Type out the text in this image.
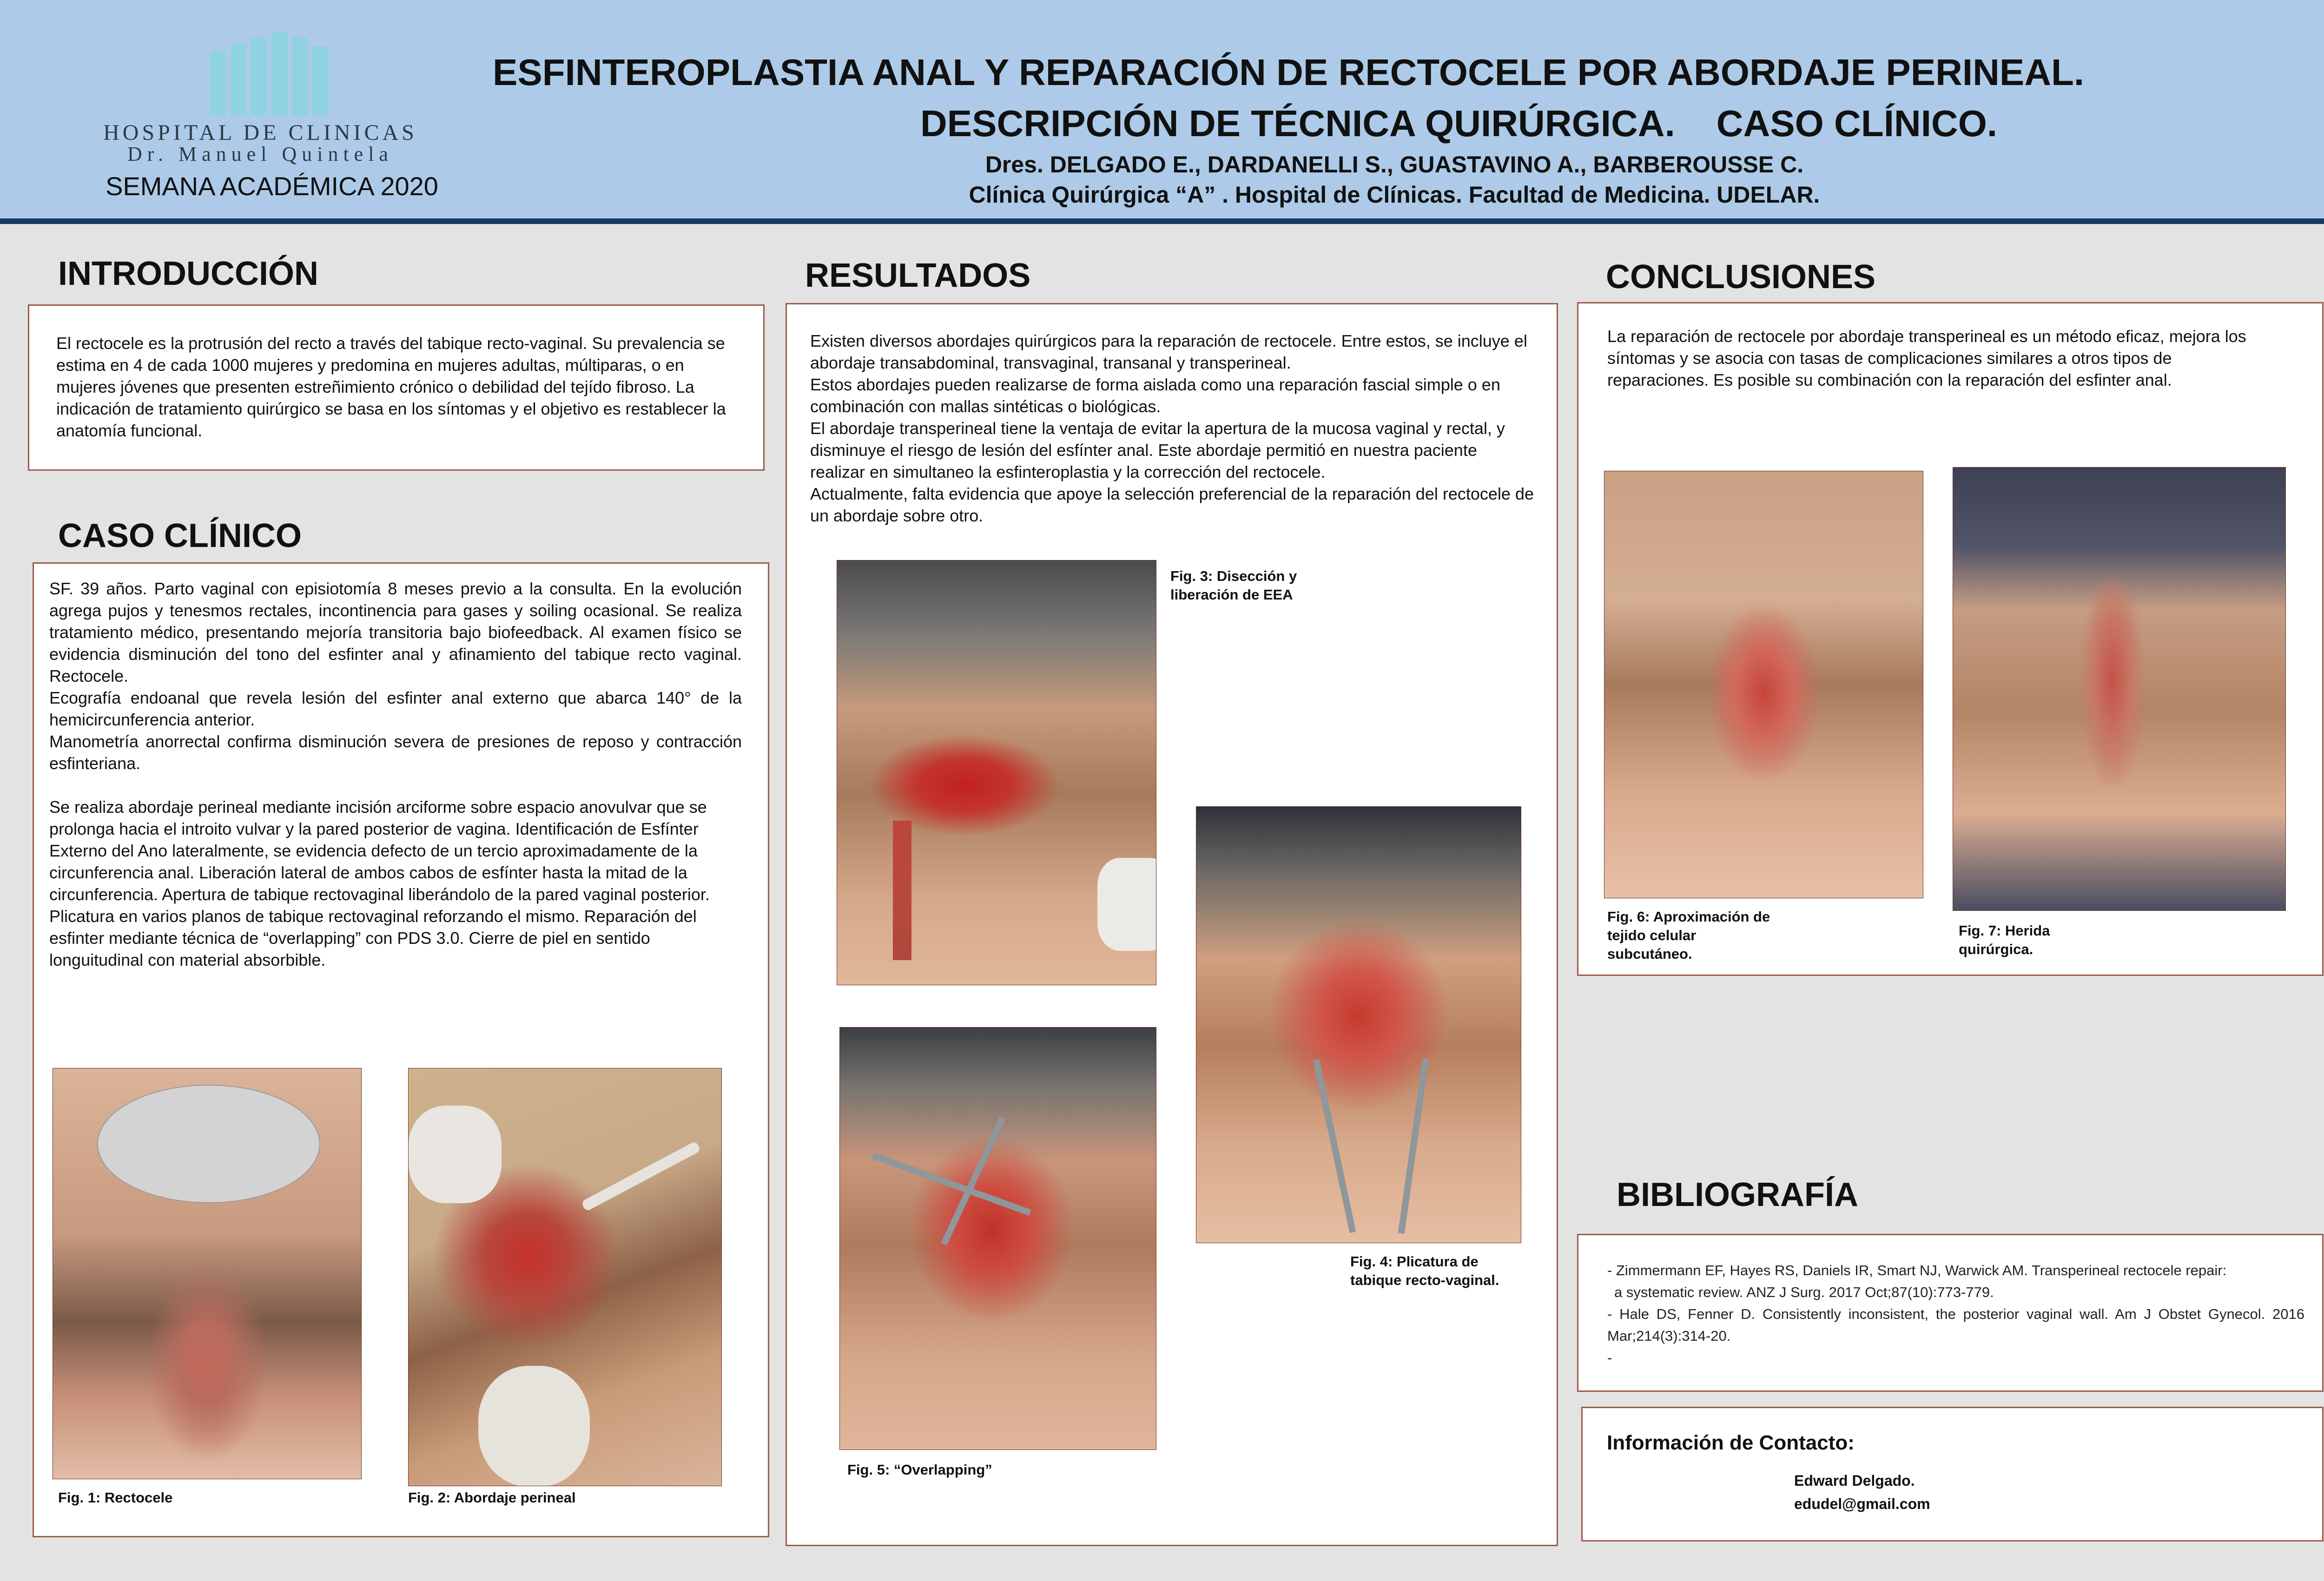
HOSPITAL DE CLINICAS
Dr. Manuel Quintela
SEMANA ACADÉMICA 2020
ESFINTEROPLASTIA ANAL Y REPARACIÓN DE RECTOCELE POR ABORDAJE PERINEAL.
DESCRIPCIÓN DE TÉCNICA QUIRÚRGICA.    CASO CLÍNICO.
Dres. DELGADO E., DARDANELLI S., GUASTAVINO A., BARBEROUSSE C.
Clínica Quirúrgica “A” . Hospital de Clínicas. Facultad de Medicina. UDELAR.
INTRODUCCIÓN
El rectocele es la protrusión del recto a través del tabique recto-vaginal. Su prevalencia se estima en 4 de cada 1000 mujeres y predomina en mujeres adultas, múltiparas, o en mujeres jóvenes que presenten estreñimiento crónico o debilidad del tejído fibroso. La indicación de tratamiento quirúrgico se basa en los síntomas y el objetivo es restablecer la anatomía funcional.
CASO CLÍNICO
SF. 39 años. Parto vaginal con episiotomía 8 meses previo a la consulta. En la evolución agrega pujos y tenesmos rectales, incontinencia para gases y soiling ocasional. Se realiza tratamiento médico, presentando mejoría transitoria bajo biofeedback. Al examen físico se evidencia disminución del tono del esfinter anal y afinamiento del tabique recto vaginal. Rectocele.
Ecografía endoanal que revela lesión del esfinter anal externo que abarca 140° de la hemicircunferencia anterior.
Manometría anorrectal confirma disminución severa de presiones de reposo y contracción esfinteriana.
Se realiza abordaje perineal mediante incisión arciforme sobre espacio anovulvar que se prolonga hacia el introito vulvar y la pared posterior de vagina. Identificación de Esfínter Externo del Ano lateralmente, se evidencia defecto de un tercio aproximadamente de la circunferencia anal. Liberación lateral de ambos cabos de esfínter hasta la mitad de la circunferencia. Apertura de tabique rectovaginal liberándolo de la pared vaginal posterior. Plicatura en varios planos de tabique rectovaginal reforzando el mismo. Reparación del esfinter mediante técnica de “overlapping” con PDS 3.0. Cierre de piel en sentido longuitudinal con material absorbible.
Fig. 1: Rectocele	Fig. 2: Abordaje perineal
RESULTADOS
Existen diversos abordajes quirúrgicos para la reparación de rectocele. Entre estos, se incluye el abordaje transabdominal, transvaginal, transanal y transperineal.
Estos abordajes pueden realizarse de forma aislada como una reparación fascial simple o en combinación con mallas sintéticas o biológicas.
El abordaje transperineal tiene la ventaja de evitar la apertura de la mucosa vaginal y rectal, y disminuye el riesgo de lesión del esfínter anal. Este abordaje permitió en nuestra paciente realizar en simultaneo la esfinteroplastia y la corrección del rectocele.
Actualmente, falta evidencia que apoye la selección preferencial de la reparación del rectocele de un abordaje sobre otro.
Fig. 3: Disección y liberación de EEA
Fig. 4: Plicatura de tabique recto-vaginal.
Fig. 5: “Overlapping”
CONCLUSIONES
La reparación de rectocele por abordaje transperineal es un método eficaz, mejora los síntomas y se asocia con tasas de complicaciones similares a otros tipos de reparaciones. Es posible su combinación con la reparación del esfinter anal.
Fig. 6: Aproximación de tejido celular subcutáneo.
Fig. 7: Herida quirúrgica.
BIBLIOGRAFÍA
- Zimmermann EF, Hayes RS, Daniels IR, Smart NJ, Warwick AM. Transperineal rectocele repair:
a systematic review. ANZ J Surg. 2017 Oct;87(10):773-779.
- Hale DS, Fenner D. Consistently inconsistent, the posterior vaginal wall. Am J Obstet Gynecol. 2016 Mar;214(3):314-20.
-
Información de Contacto:
Edward Delgado.
edudel@gmail.com
